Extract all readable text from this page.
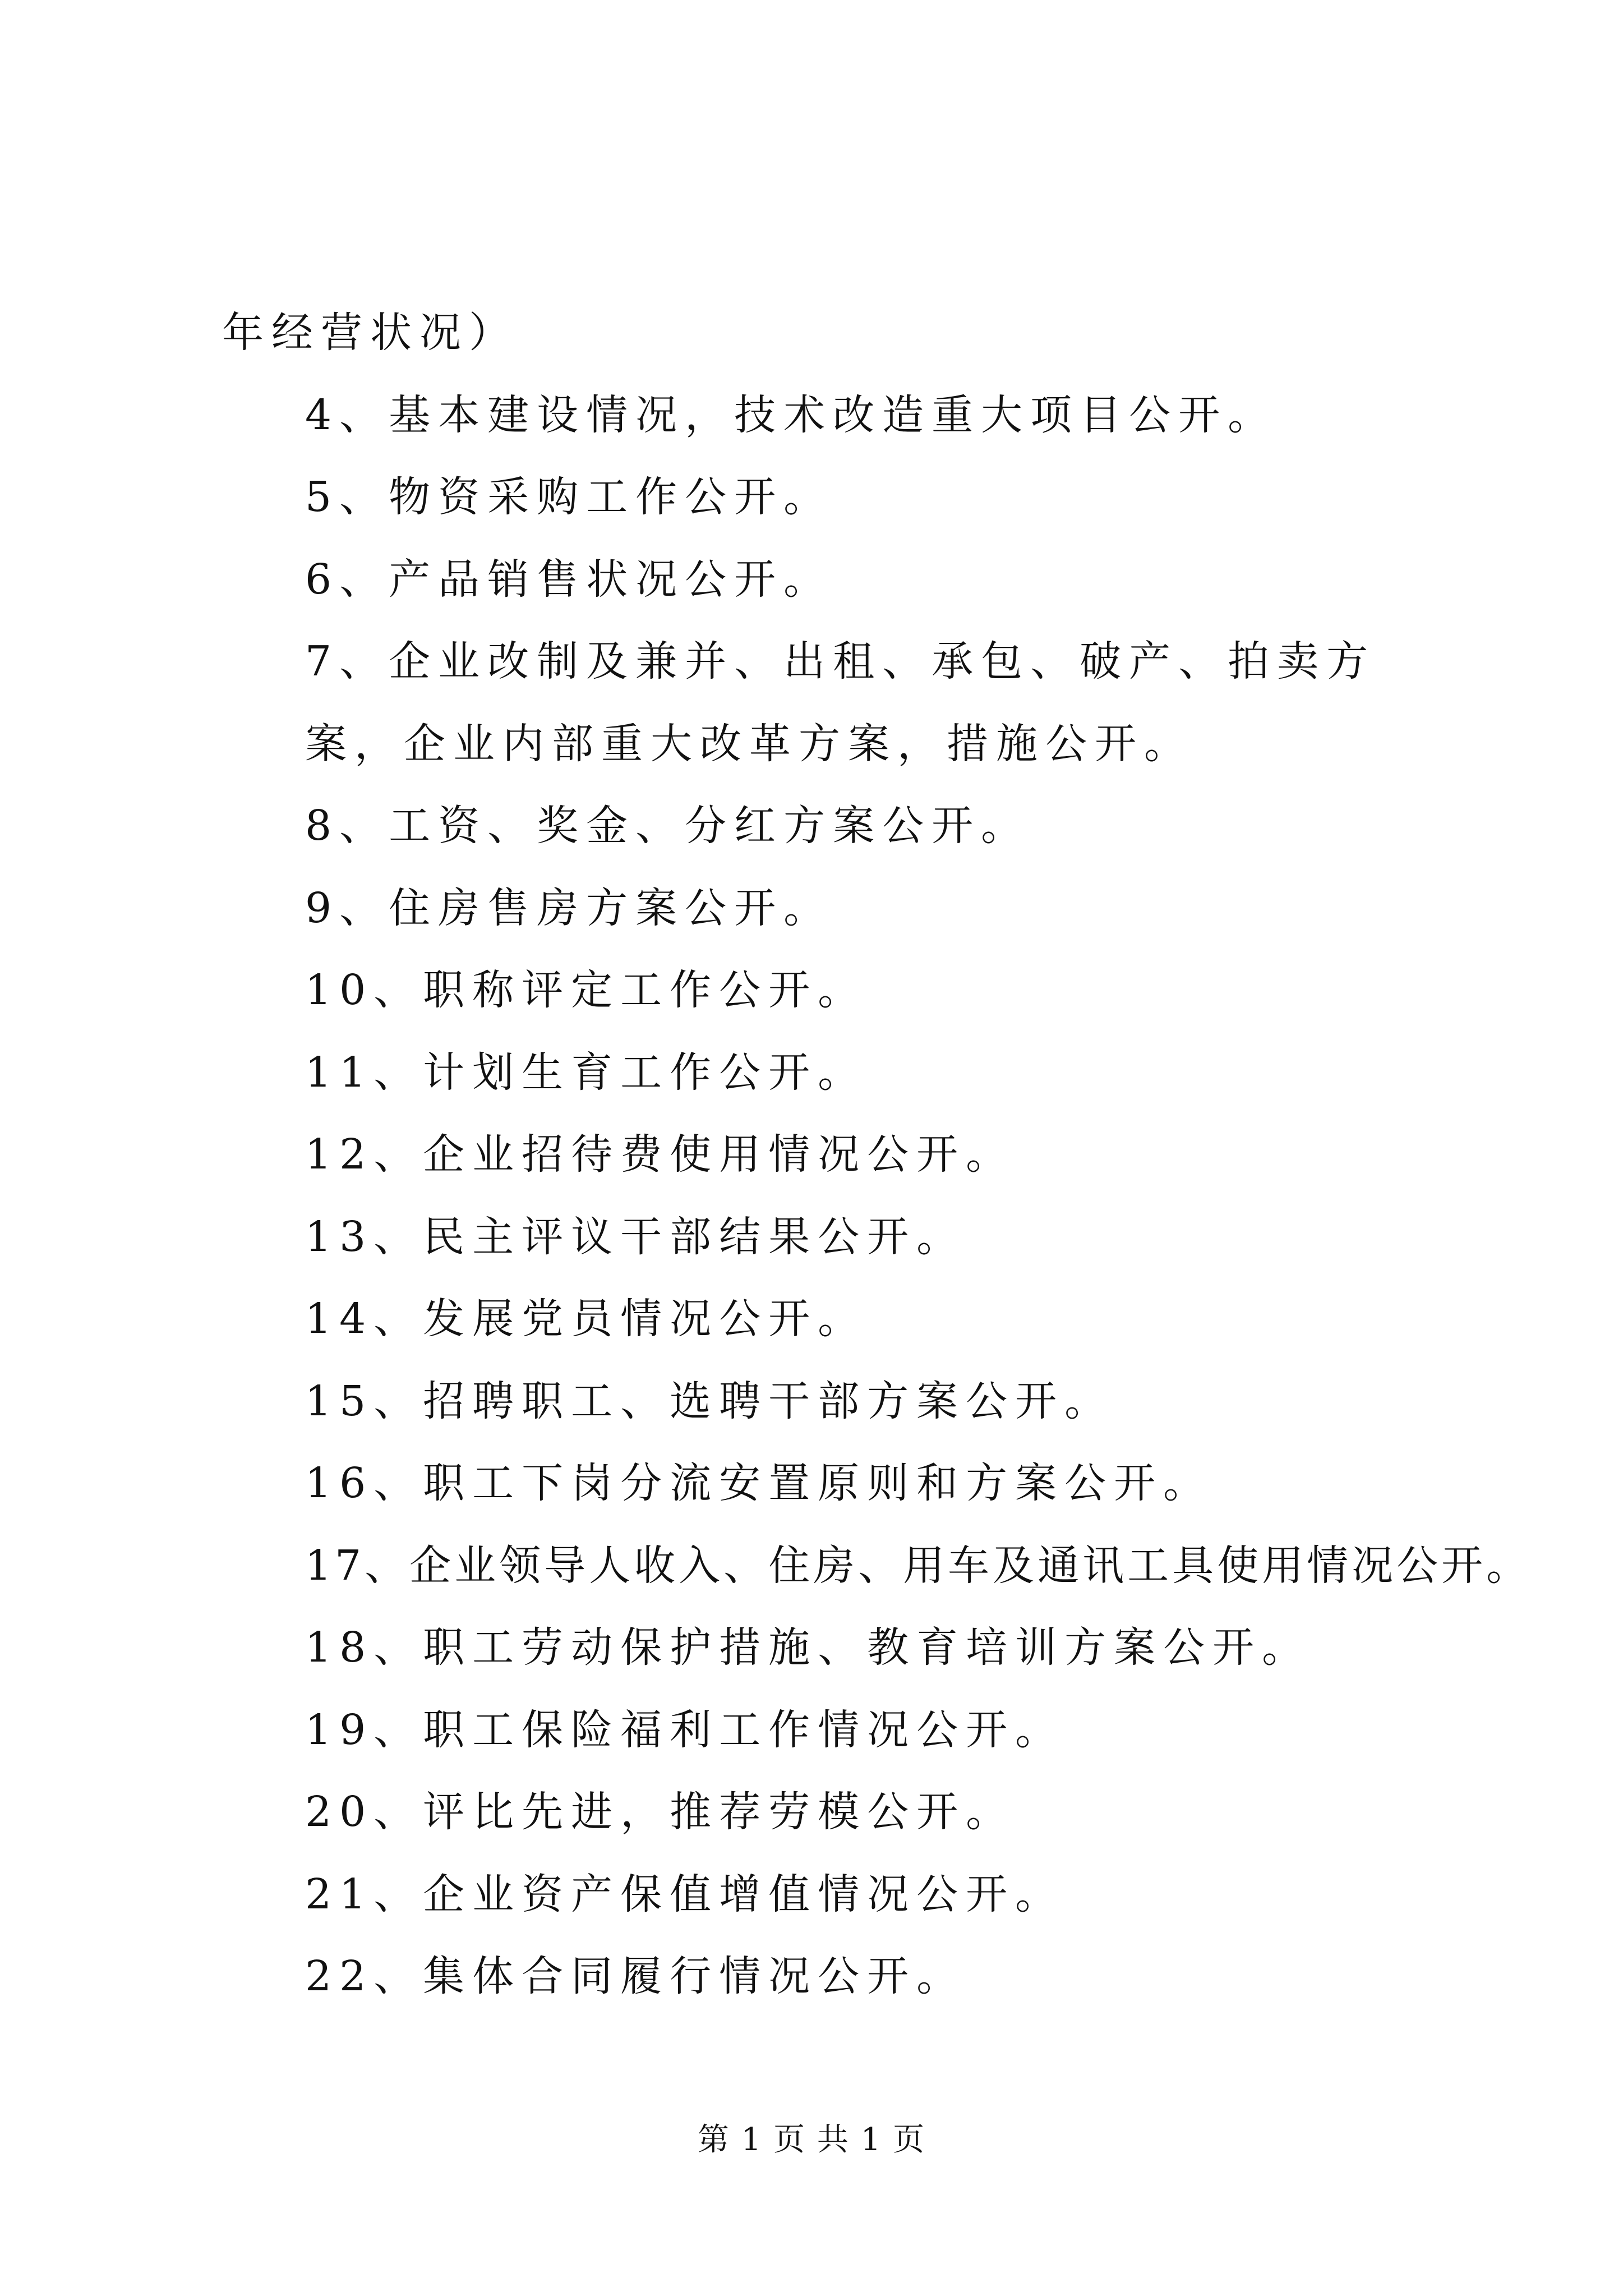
年经营状况）

4、基本建设情况，技术改造重大项目公开。

5、物资采购工作公开。

6、产品销售状况公开。

7、企业改制及兼并、出租、承包、破产、拍卖方案，企业内部重大改革方案，措施公开。

8、工资、奖金、分红方案公开。

9、住房售房方案公开。

10、职称评定工作公开。

11、计划生育工作公开。

12、企业招待费使用情况公开。

13、民主评议干部结果公开。

14、发展党员情况公开。

15、招聘职工、选聘干部方案公开。

16、职工下岗分流安置原则和方案公开。

17、企业领导人收入、住房、用车及通讯工具使用情况公开。

18、职工劳动保护措施、教育培训方案公开。

19、职工保险福利工作情况公开。

20、评比先进，推荐劳模公开。

21、企业资产保值增值情况公开。

22、集体合同履行情况公开。

第 1 页 共 1 页
